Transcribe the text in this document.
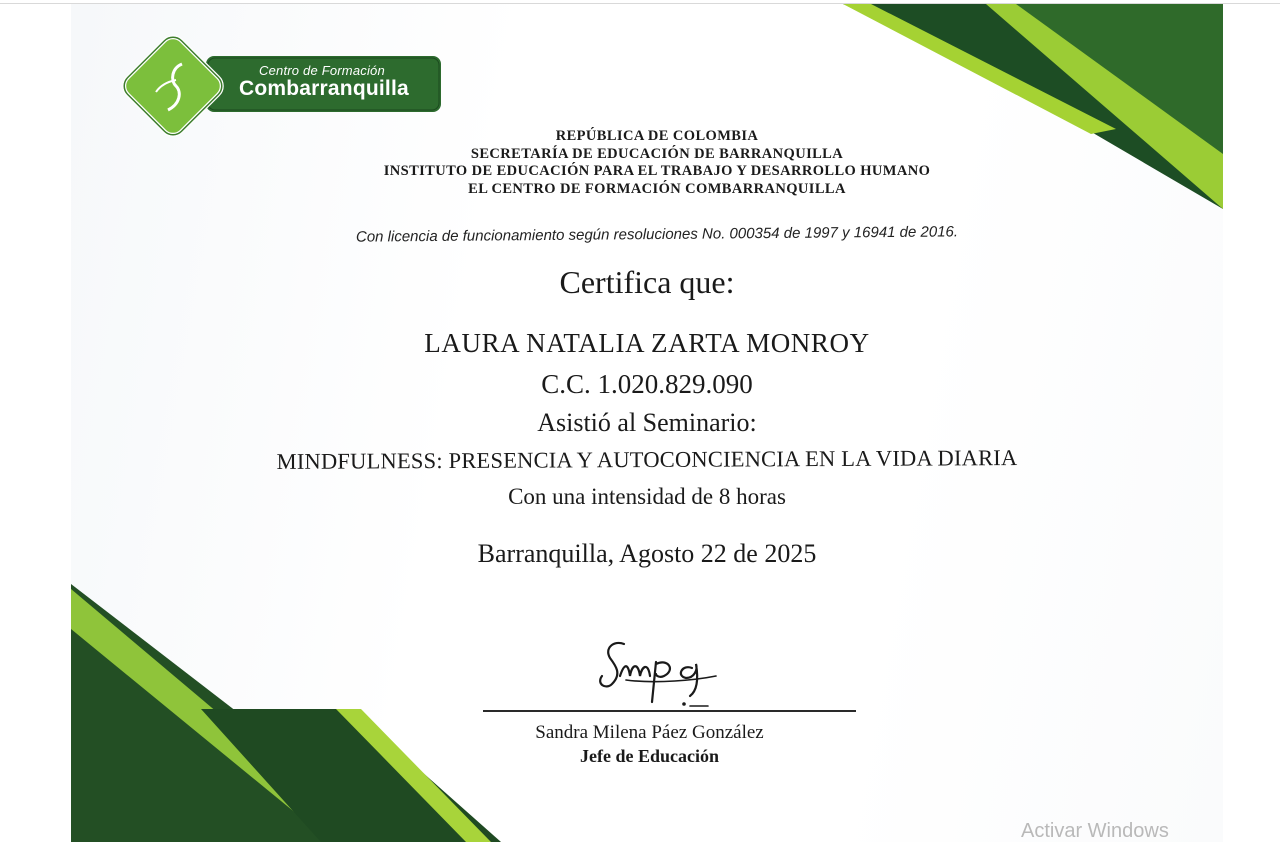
Centro de Formación
Combarranquilla
REPÚBLICA DE COLOMBIA
SECRETARÍA DE EDUCACIÓN DE BARRANQUILLA
INSTITUTO DE EDUCACIÓN PARA EL TRABAJO Y DESARROLLO HUMANO
EL CENTRO DE FORMACIÓN COMBARRANQUILLA
Con licencia de funcionamiento según resoluciones No. 000354 de 1997 y 16941 de 2016.
Certifica que:
LAURA NATALIA ZARTA MONROY
C.C. 1.020.829.090
Asistió al Seminario:
MINDFULNESS: PRESENCIA Y AUTOCONCIENCIA EN LA VIDA DIARIA
Con una intensidad de 8 horas
Barranquilla, Agosto 22 de 2025
Sandra Milena Páez González
Jefe de Educación
Activar Windows
